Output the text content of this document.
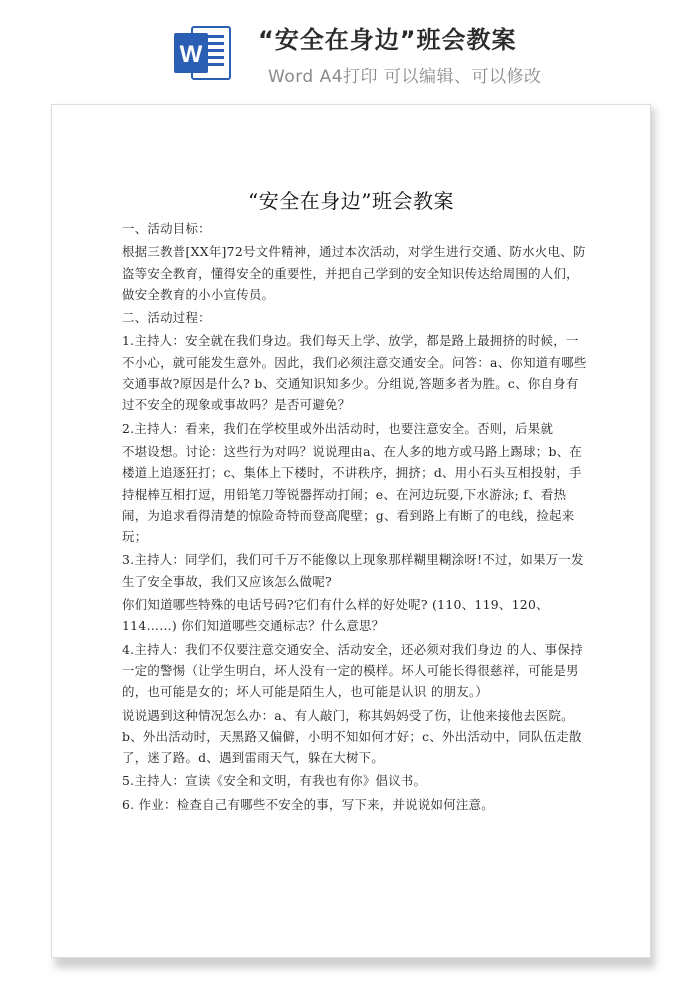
W
“安全在身边”班会教案
Word A4打印 可以编辑、可以修改
“安全在身边”班会教案

一、活动目标：

根据三教普[XX年]72号文件精神，通过本次活动，对学生进行交通、防水火电、防盗等安全教育，懂得安全的重要性，并把自己学到的安全知识传达给周围的人们，做安全教育的小小宣传员。

二、活动过程：

1.主持人：安全就在我们身边。我们每天上学、放学，都是路上最拥挤的时候，一不小心，就可能发生意外。因此，我们必须注意交通安全。问答：a、你知道有哪些交通事故?原因是什么? b、交通知识知多少。分组说,答题多者为胜。c、你自身有过不安全的现象或事故吗？是否可避免？

2.主持人：看来，我们在学校里或外出活动时，也要注意安全。否则，后果就

不堪设想。讨论：这些行为对吗？说说理由a、在人多的地方或马路上踢球；b、在楼道上追逐狂打；c、集体上下楼时，不讲秩序，拥挤；d、用小石头互相投射，手持棍棒互相打逗，用铅笔刀等锐器挥动打闹；e、在河边玩耍,下水游泳; f、看热闹，为追求看得清楚的惊险奇特而登高爬壁；g、看到路上有断了的电线，捡起来玩；

3.主持人：同学们，我们可千万不能像以上现象那样糊里糊涂呀!不过，如果万一发生了安全事故，我们又应该怎么做呢?

你们知道哪些特殊的电话号码?它们有什么样的好处呢? (110、119、120、114……) 你们知道哪些交通标志？什么意思？

4.主持人：我们不仅要注意交通安全、活动安全，还必须对我们身边 的人、事保持一定的警惕（让学生明白，坏人没有一定的模样。坏人可能长得很慈祥，可能是男的，也可能是女的；坏人可能是陌生人，也可能是认识 的朋友。）

说说遇到这种情况怎么办：a、有人敲门，称其妈妈受了伤，让他来接他去医院。b、外出活动时，天黑路又偏僻，小明不知如何才好；c、外出活动中，同队伍走散了，迷了路。d、遇到雷雨天气，躲在大树下。

5.主持人：宣读《安全和文明，有我也有你》倡议书。

6. 作业：检查自己有哪些不安全的事，写下来，并说说如何注意。
